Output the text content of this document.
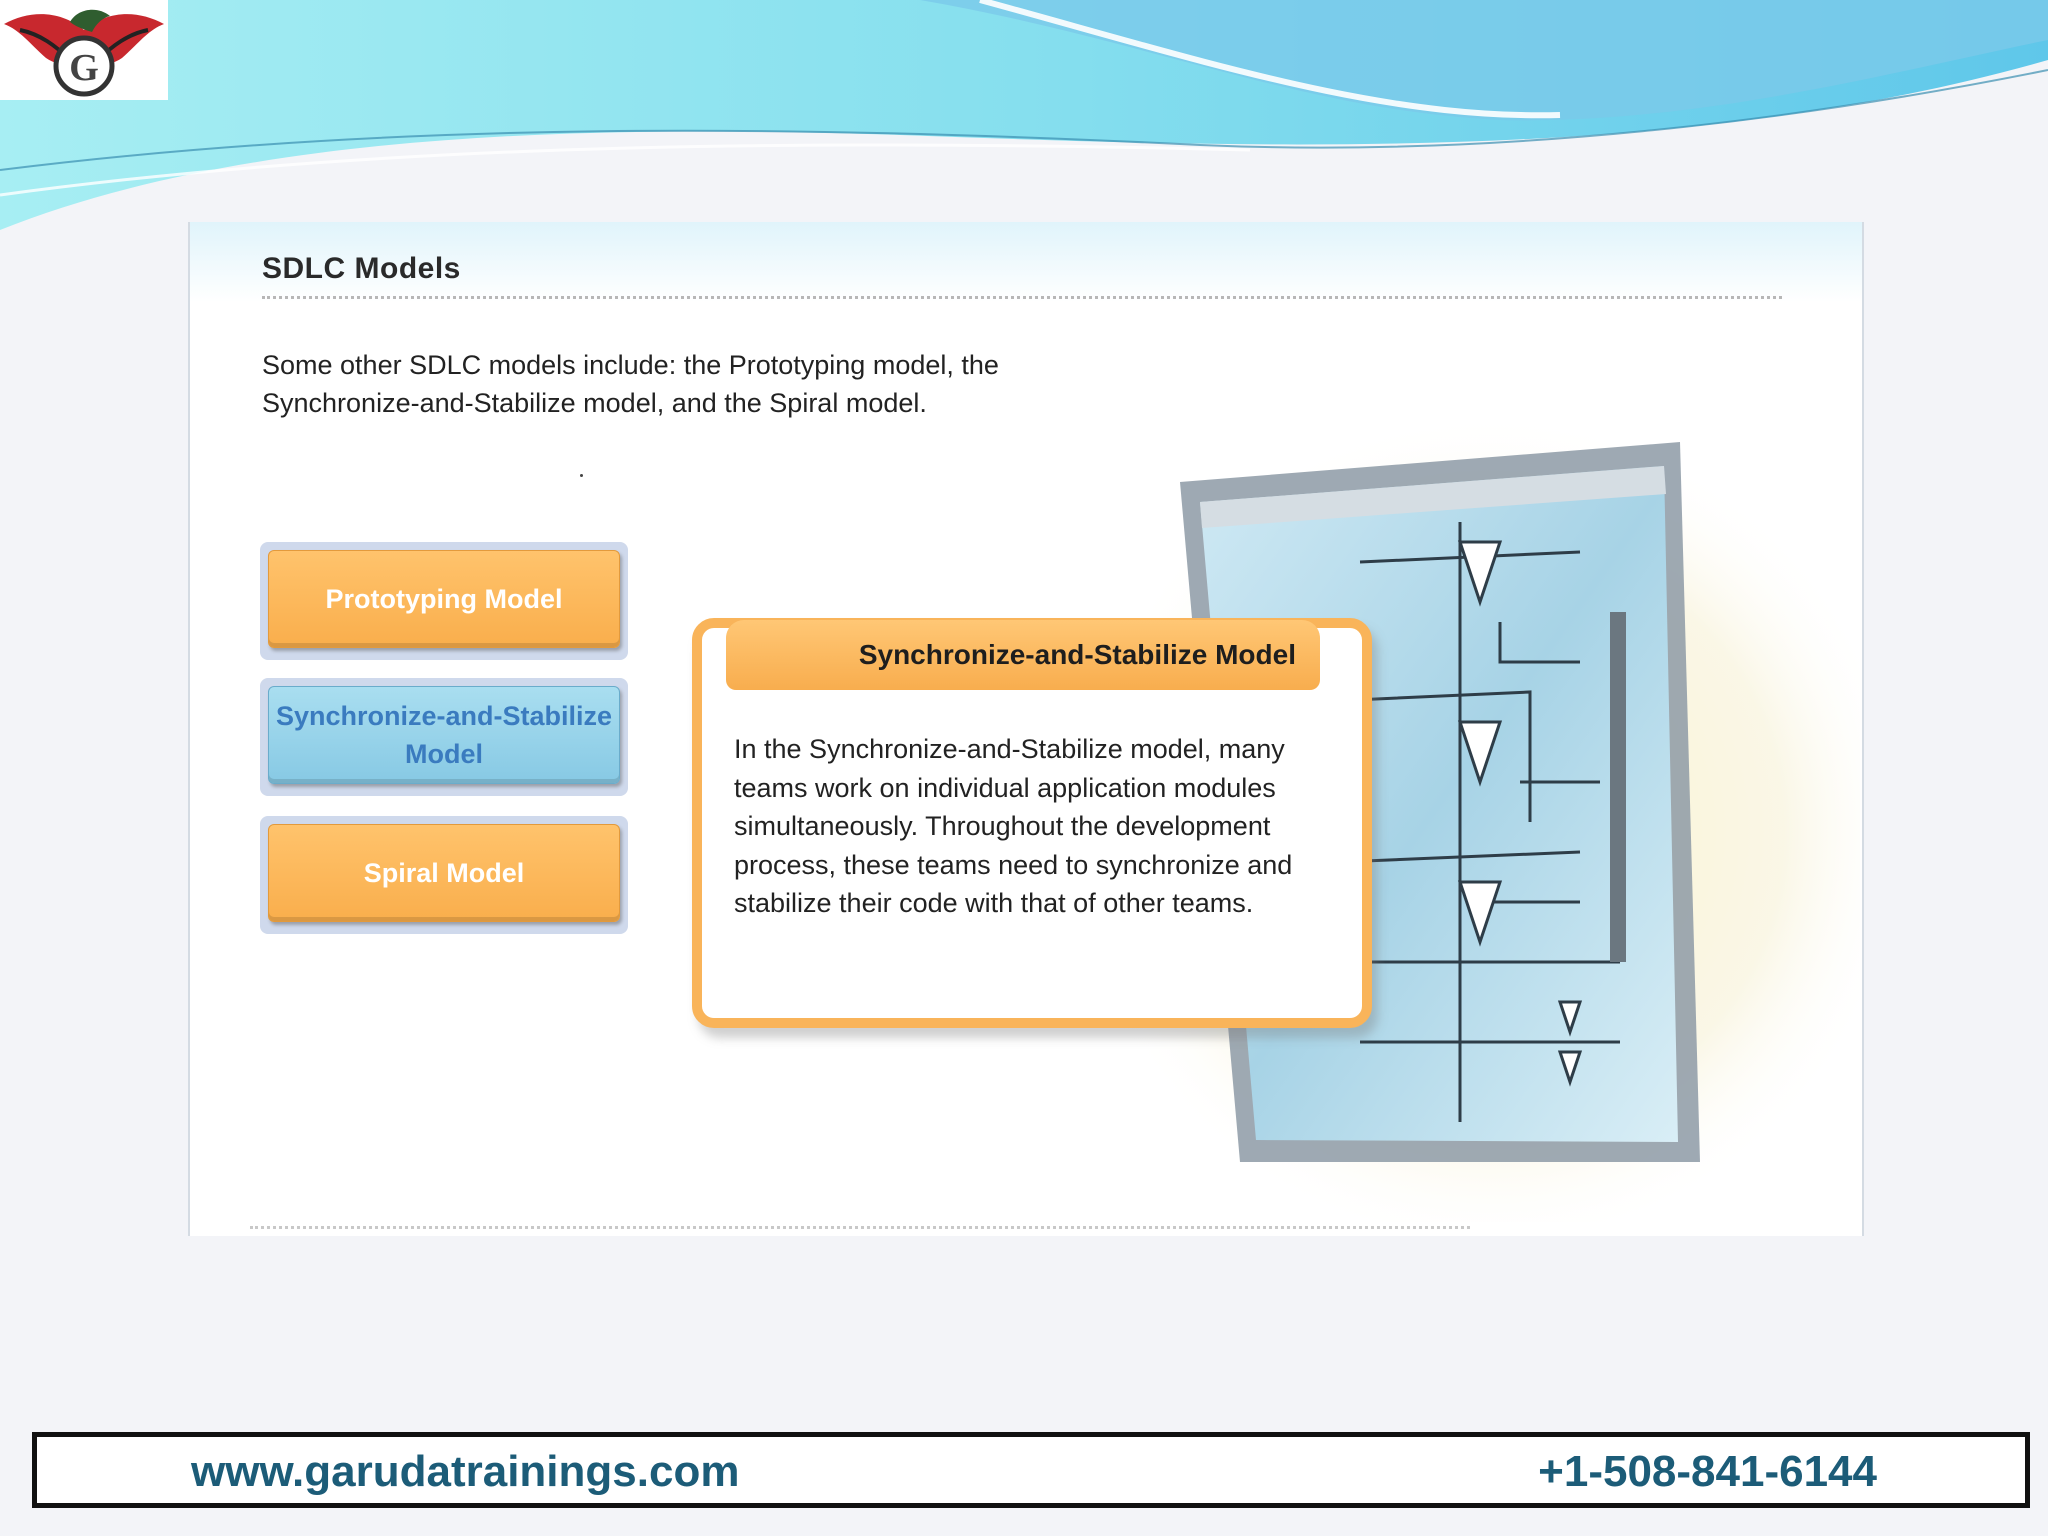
G
SDLC Models
Some other SDLC models include: the Prototyping model, the
Synchronize-and-Stabilize model, and the Spiral model.
Prototyping Model
Synchronize-and-Stabilize
Model
Spiral Model
Synchronize-and-Stabilize Model
In the Synchronize-and-Stabilize model, many
teams work on individual application modules
simultaneously. Throughout the development
process, these teams need to synchronize and
stabilize their code with that of other teams.
www.garudatrainings.com	+1-508-841-6144
